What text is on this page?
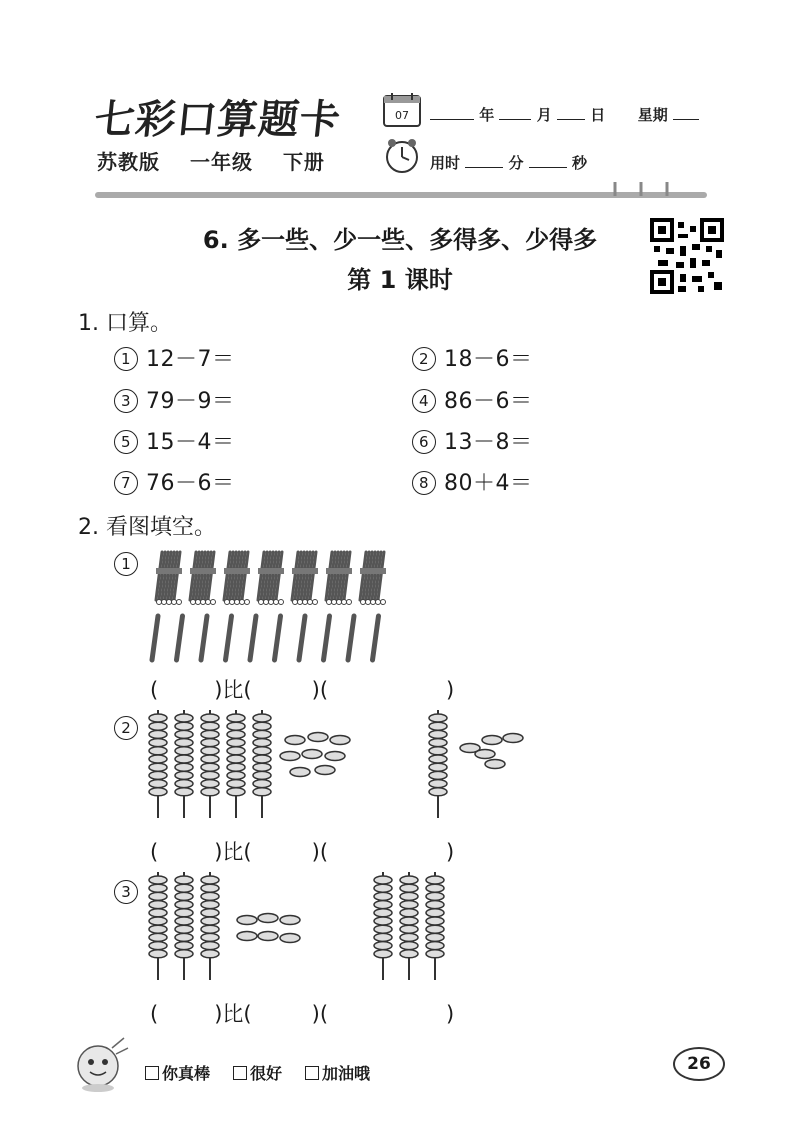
七彩口算题卡
苏教版 一年级 下册
07	年	月	日 星期
用时	分	秒
6. 多一些、少一些、多得多、少得多
第 1 课时
1. 口算。
1 12－7＝	2 18－6＝
3 79－9＝	4 86－6＝
5 15－4＝	6 13－8＝
7 76－6＝	8 80＋4＝
2. 看图填空。
1
(	)比(	)(	)
2
(	)比(	)(	)
3
(	)比(	)(	)
你真棒	很好	加油哦	26
